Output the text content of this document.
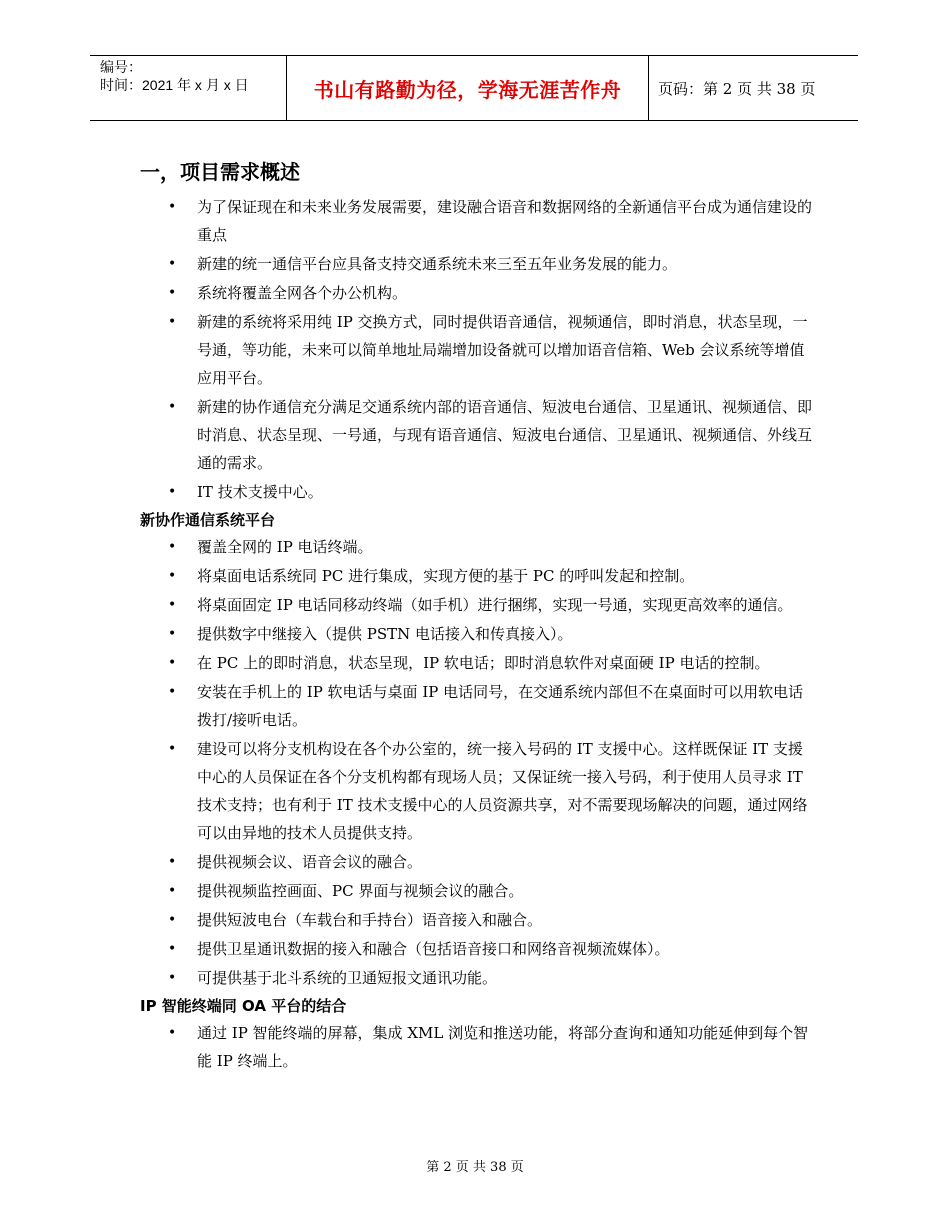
编号：
时间：2021 年 x 月 x 日	书山有路勤为径，学海无涯苦作舟	页码：第 2 页 共 38 页
一，项目需求概述
• 为了保证现在和未来业务发展需要，建设融合语音和数据网络的全新通信平台成为通信建设的重点
• 新建的统一通信平台应具备支持交通系统未来三至五年业务发展的能力。
• 系统将覆盖全网各个办公机构。
• 新建的系统将采用纯 IP 交换方式，同时提供语音通信，视频通信，即时消息，状态呈现，一号通，等功能，未来可以简单地址局端增加设备就可以增加语音信箱、Web 会议系统等增值应用平台。
• 新建的协作通信充分满足交通系统内部的语音通信、短波电台通信、卫星通讯、视频通信、即时消息、状态呈现、一号通，与现有语音通信、短波电台通信、卫星通讯、视频通信、外线互通的需求。
• IT 技术支援中心。
新协作通信系统平台
• 覆盖全网的 IP 电话终端。
• 将桌面电话系统同 PC 进行集成，实现方便的基于 PC 的呼叫发起和控制。
• 将桌面固定 IP 电话同移动终端（如手机）进行捆绑，实现一号通，实现更高效率的通信。
• 提供数字中继接入（提供 PSTN 电话接入和传真接入）。
• 在 PC 上的即时消息，状态呈现，IP 软电话；即时消息软件对桌面硬 IP 电话的控制。
• 安装在手机上的 IP 软电话与桌面 IP 电话同号，在交通系统内部但不在桌面时可以用软电话拨打/接听电话。
• 建设可以将分支机构设在各个办公室的，统一接入号码的 IT 支援中心。这样既保证 IT 支援中心的人员保证在各个分支机构都有现场人员；又保证统一接入号码，利于使用人员寻求 IT 技术支持；也有利于 IT 技术支援中心的人员资源共享，对不需要现场解决的问题，通过网络可以由异地的技术人员提供支持。
• 提供视频会议、语音会议的融合。
• 提供视频监控画面、PC 界面与视频会议的融合。
• 提供短波电台（车载台和手持台）语音接入和融合。
• 提供卫星通讯数据的接入和融合（包括语音接口和网络音视频流媒体）。
• 可提供基于北斗系统的卫通短报文通讯功能。
IP 智能终端同 OA 平台的结合
• 通过 IP 智能终端的屏幕，集成 XML 浏览和推送功能，将部分查询和通知功能延伸到每个智能 IP 终端上。
第 2 页 共 38 页
